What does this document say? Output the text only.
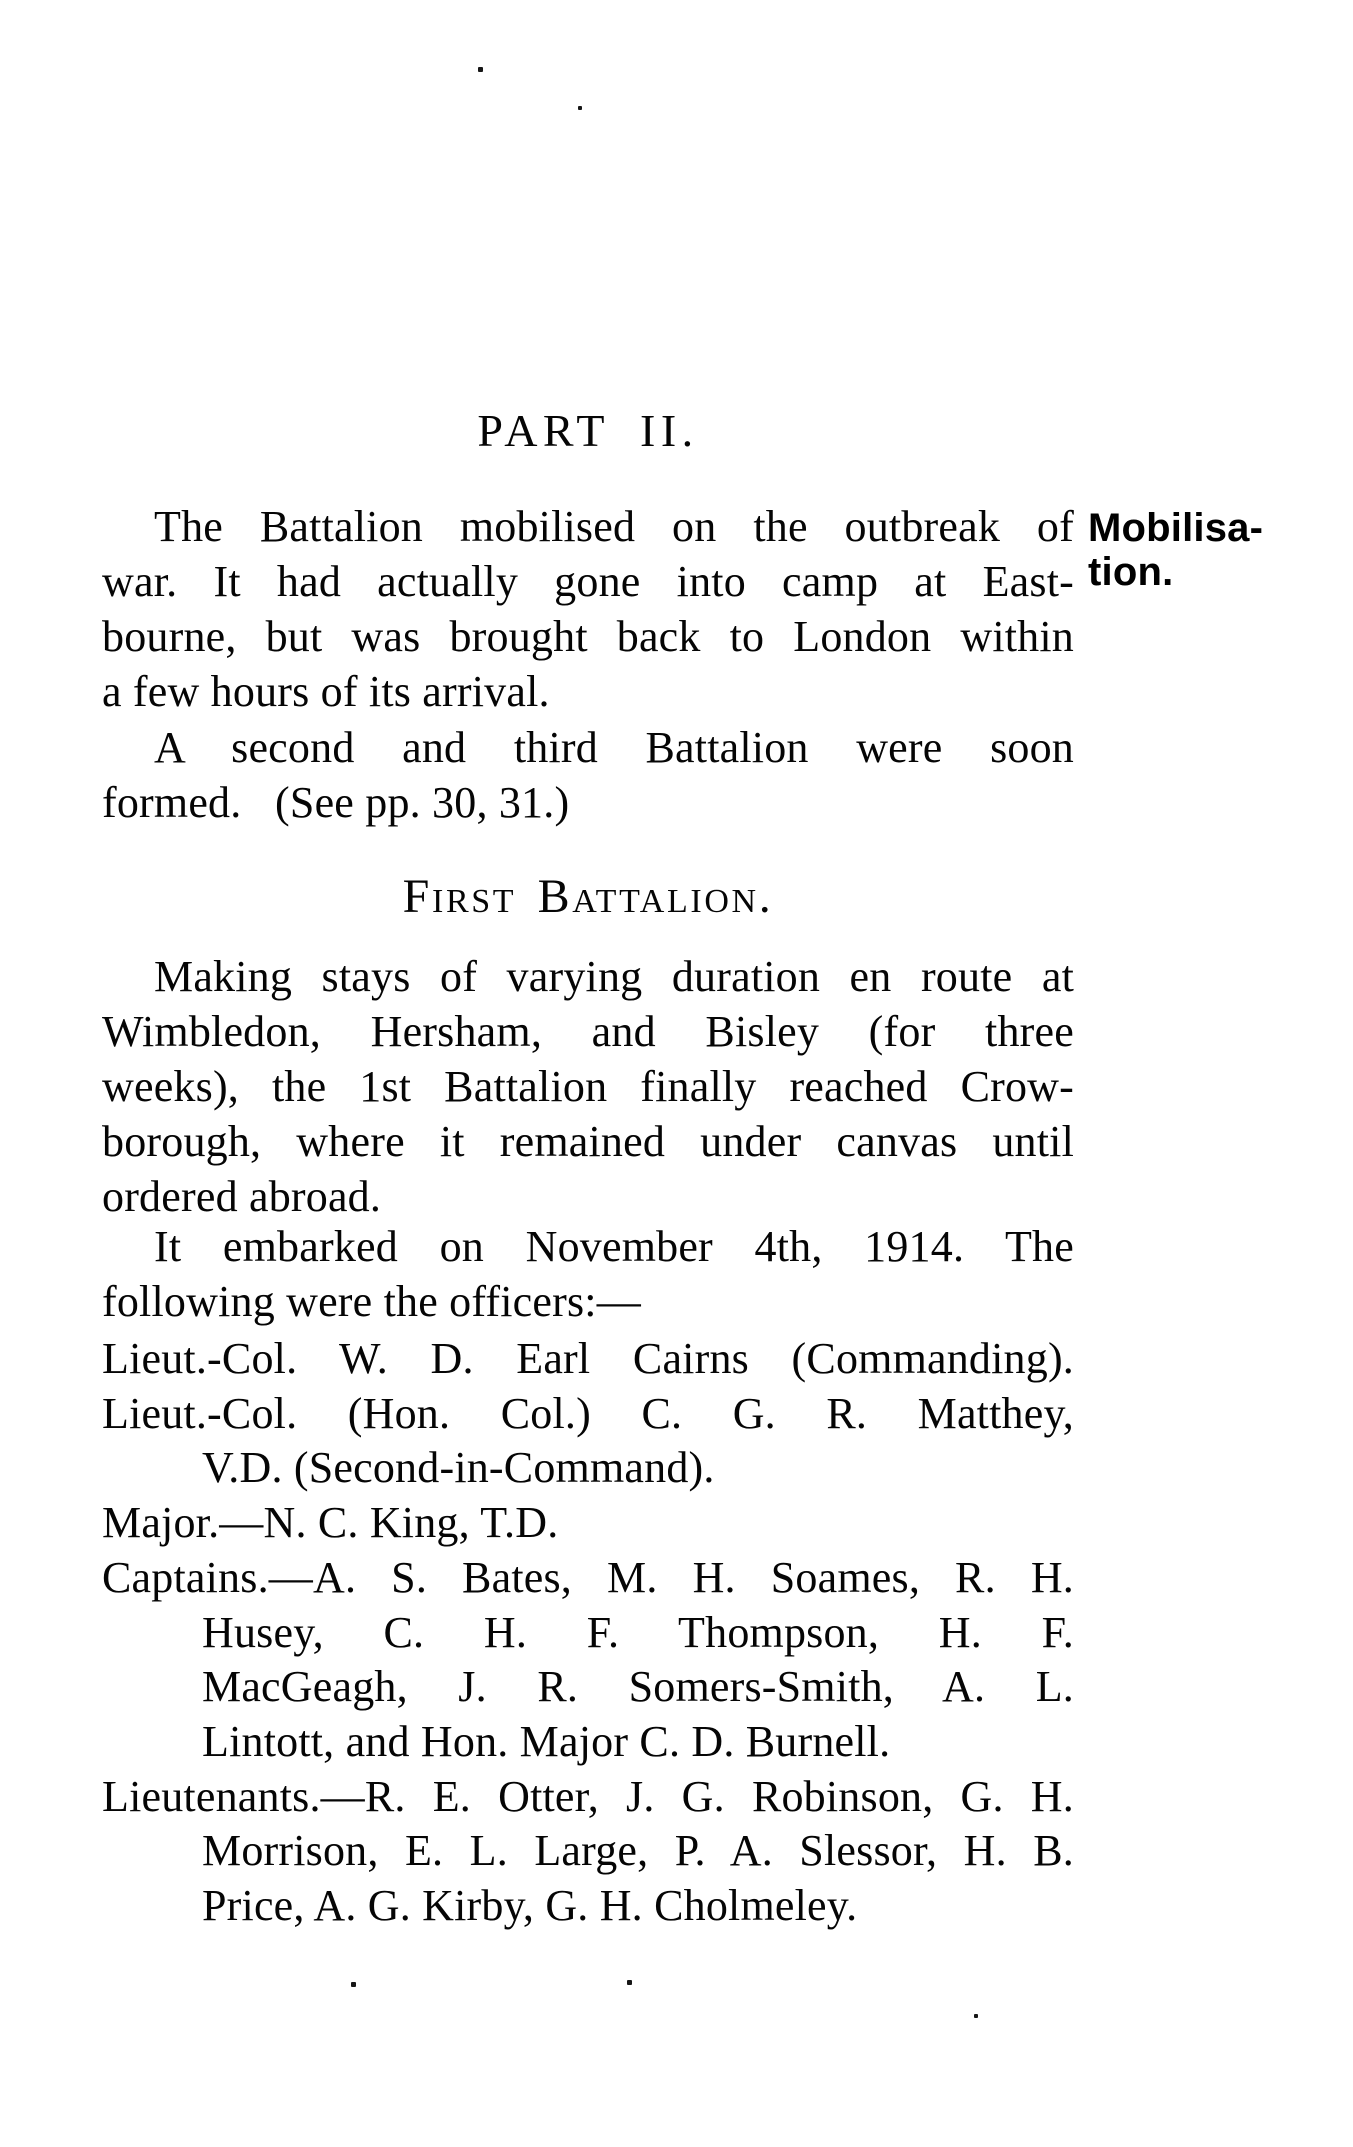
PART II.
Mobilisa-
tion.
The Battalion mobilised on the outbreak of
war. It had actually gone into camp at East-
bourne, but was brought back to London within
a few hours of its arrival.
A second and third Battalion were soon
formed.   (See pp. 30, 31.)
First Battalion.
Making stays of varying duration en route at
Wimbledon, Hersham, and Bisley (for three
weeks), the 1st Battalion finally reached Crow-
borough, where it remained under canvas until
ordered abroad.
It embarked on November 4th, 1914. The
following were the officers:—
Lieut.-Col. W. D. Earl Cairns (Commanding).
Lieut.-Col. (Hon. Col.) C. G. R. Matthey,
V.D. (Second-in-Command).
Major.—N. C. King, T.D.
Captains.—A. S. Bates, M. H. Soames, R. H.
Husey, C. H. F. Thompson, H. F.
MacGeagh, J. R. Somers-Smith, A. L.
Lintott, and Hon. Major C. D. Burnell.
Lieutenants.—R. E. Otter, J. G. Robinson, G. H.
Morrison, E. L. Large, P. A. Slessor, H. B.
Price, A. G. Kirby, G. H. Cholmeley.
